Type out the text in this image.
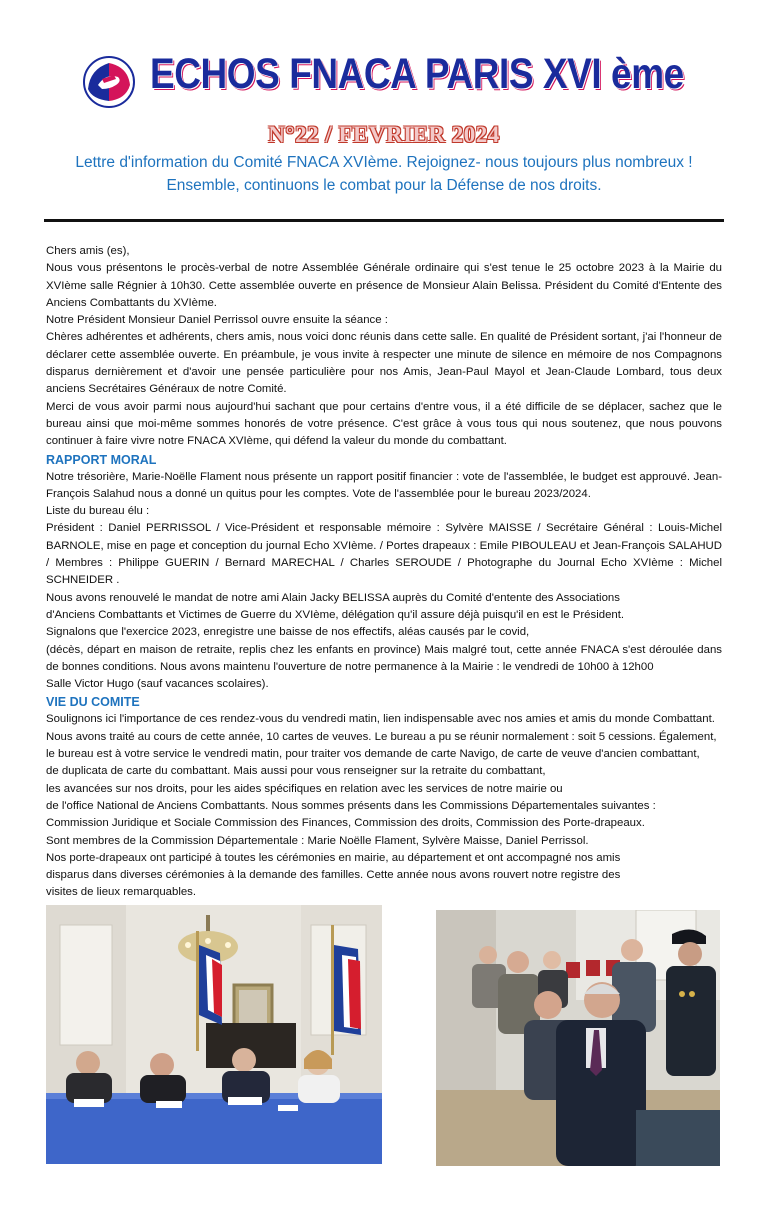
ECHOS FNACA PARIS XVI ème
N°22 / FEVRIER 2024
Lettre d'information du Comité FNACA XVIème. Rejoignez- nous toujours plus nombreux !
Ensemble, continuons le combat pour la Défense de nos droits.

Chers amis (es),

Nous vous présentons le procès-verbal de notre Assemblée Générale ordinaire qui s'est tenue le 25 octobre 2023 à la Mairie du XVIème salle Régnier à 10h30. Cette assemblée ouverte en présence de Monsieur Alain Belissa. Président du Comité d'Entente des Anciens Combattants du XVIème.

Notre Président Monsieur Daniel Perrissol ouvre ensuite la séance :

Chères adhérentes et adhérents, chers amis, nous voici donc réunis dans cette salle. En qualité de Président sortant, j'ai l'honneur de déclarer cette assemblée ouverte. En préambule, je vous invite à respecter une minute de silence en mémoire de nos Compagnons disparus dernièrement et d'avoir une pensée particulière pour nos Amis, Jean-Paul Mayol et Jean-Claude Lombard, tous deux anciens Secrétaires Généraux de notre Comité.

Merci de vous avoir parmi nous aujourd'hui sachant que pour certains d'entre vous, il a été difficile de se déplacer, sachez que le bureau ainsi que moi-même sommes honorés de votre présence. C'est grâce à vous tous qui nous soutenez, que nous pouvons continuer à faire vivre notre FNACA XVIème, qui défend la valeur du monde du combattant.

RAPPORT MORAL

Notre trésorière, Marie-Noëlle Flament nous présente un rapport positif financier : vote de l'assemblée, le budget est approuvé. Jean-François Salahud nous a donné un quitus pour les comptes. Vote de l'assemblée pour le bureau 2023/2024.

Liste du bureau élu :

Président : Daniel PERRISSOL / Vice-Président et responsable mémoire : Sylvère MAISSE / Secrétaire Général : Louis-Michel BARNOLE, mise en page et conception du journal Echo XVIème. / Portes drapeaux : Emile PIBOULEAU et Jean-François SALAHUD / Membres : Philippe GUERIN / Bernard MARECHAL / Charles SEROUDE / Photographe du Journal Echo XVIème : Michel SCHNEIDER .

Nous avons renouvelé le mandat de notre ami Alain Jacky BELISSA auprès du Comité d'entente des Associations

d'Anciens Combattants et Victimes de Guerre du XVIème, délégation qu'il assure déjà puisqu'il en est le Président.

Signalons que l'exercice 2023, enregistre une baisse de nos effectifs, aléas causés par le covid,

(décès, départ en maison de retraite, replis chez les enfants en province) Mais malgré tout, cette année FNACA s'est déroulée dans de bonnes conditions. Nous avons maintenu l'ouverture de notre permanence à la Mairie : le vendredi de 10h00 à 12h00

Salle Victor Hugo (sauf vacances scolaires).

VIE DU COMITE

Soulignons ici l'importance de ces rendez-vous du vendredi matin, lien indispensable avec nos amies et amis du monde Combattant.

Nous avons traité au cours de cette année, 10 cartes de veuves. Le bureau a pu se réunir normalement : soit 5 cessions. Également,

le bureau est à votre service le vendredi matin, pour traiter vos demande de carte Navigo, de carte de veuve d'ancien combattant,

de duplicata de carte du combattant. Mais aussi pour vous renseigner sur la retraite du combattant,

les avancées sur nos droits, pour les aides spécifiques en relation avec les services de notre mairie ou

de l'office National de Anciens Combattants. Nous sommes présents dans les Commissions Départementales suivantes :

Commission Juridique et Sociale Commission des Finances, Commission des droits, Commission des Porte-drapeaux.

Sont membres de la Commission Départementale : Marie Noëlle Flament, Sylvère Maisse, Daniel Perrissol.

Nos porte-drapeaux ont participé à toutes les cérémonies en mairie, au département et ont accompagné nos amis

disparus dans diverses cérémonies à la demande des familles. Cette année nous avons rouvert notre registre des

visites de lieux remarquables.
